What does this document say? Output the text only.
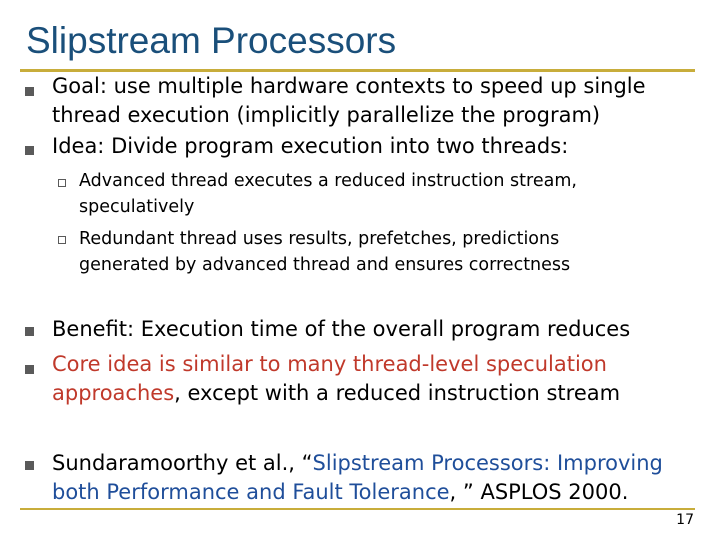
Slipstream Processors
Goal: use multiple hardware contexts to speed up single
thread execution (implicitly parallelize the program)
Idea: Divide program execution into two threads:
Advanced thread executes a reduced instruction stream,
speculatively
Redundant thread uses results, prefetches, predictions
generated by advanced thread and ensures correctness
Benefit: Execution time of the overall program reduces
Core idea is similar to many thread-level speculation
approaches, except with a reduced instruction stream
Sundaramoorthy et al., “Slipstream Processors: Improving
both Performance and Fault Tolerance, ” ASPLOS 2000.
17
